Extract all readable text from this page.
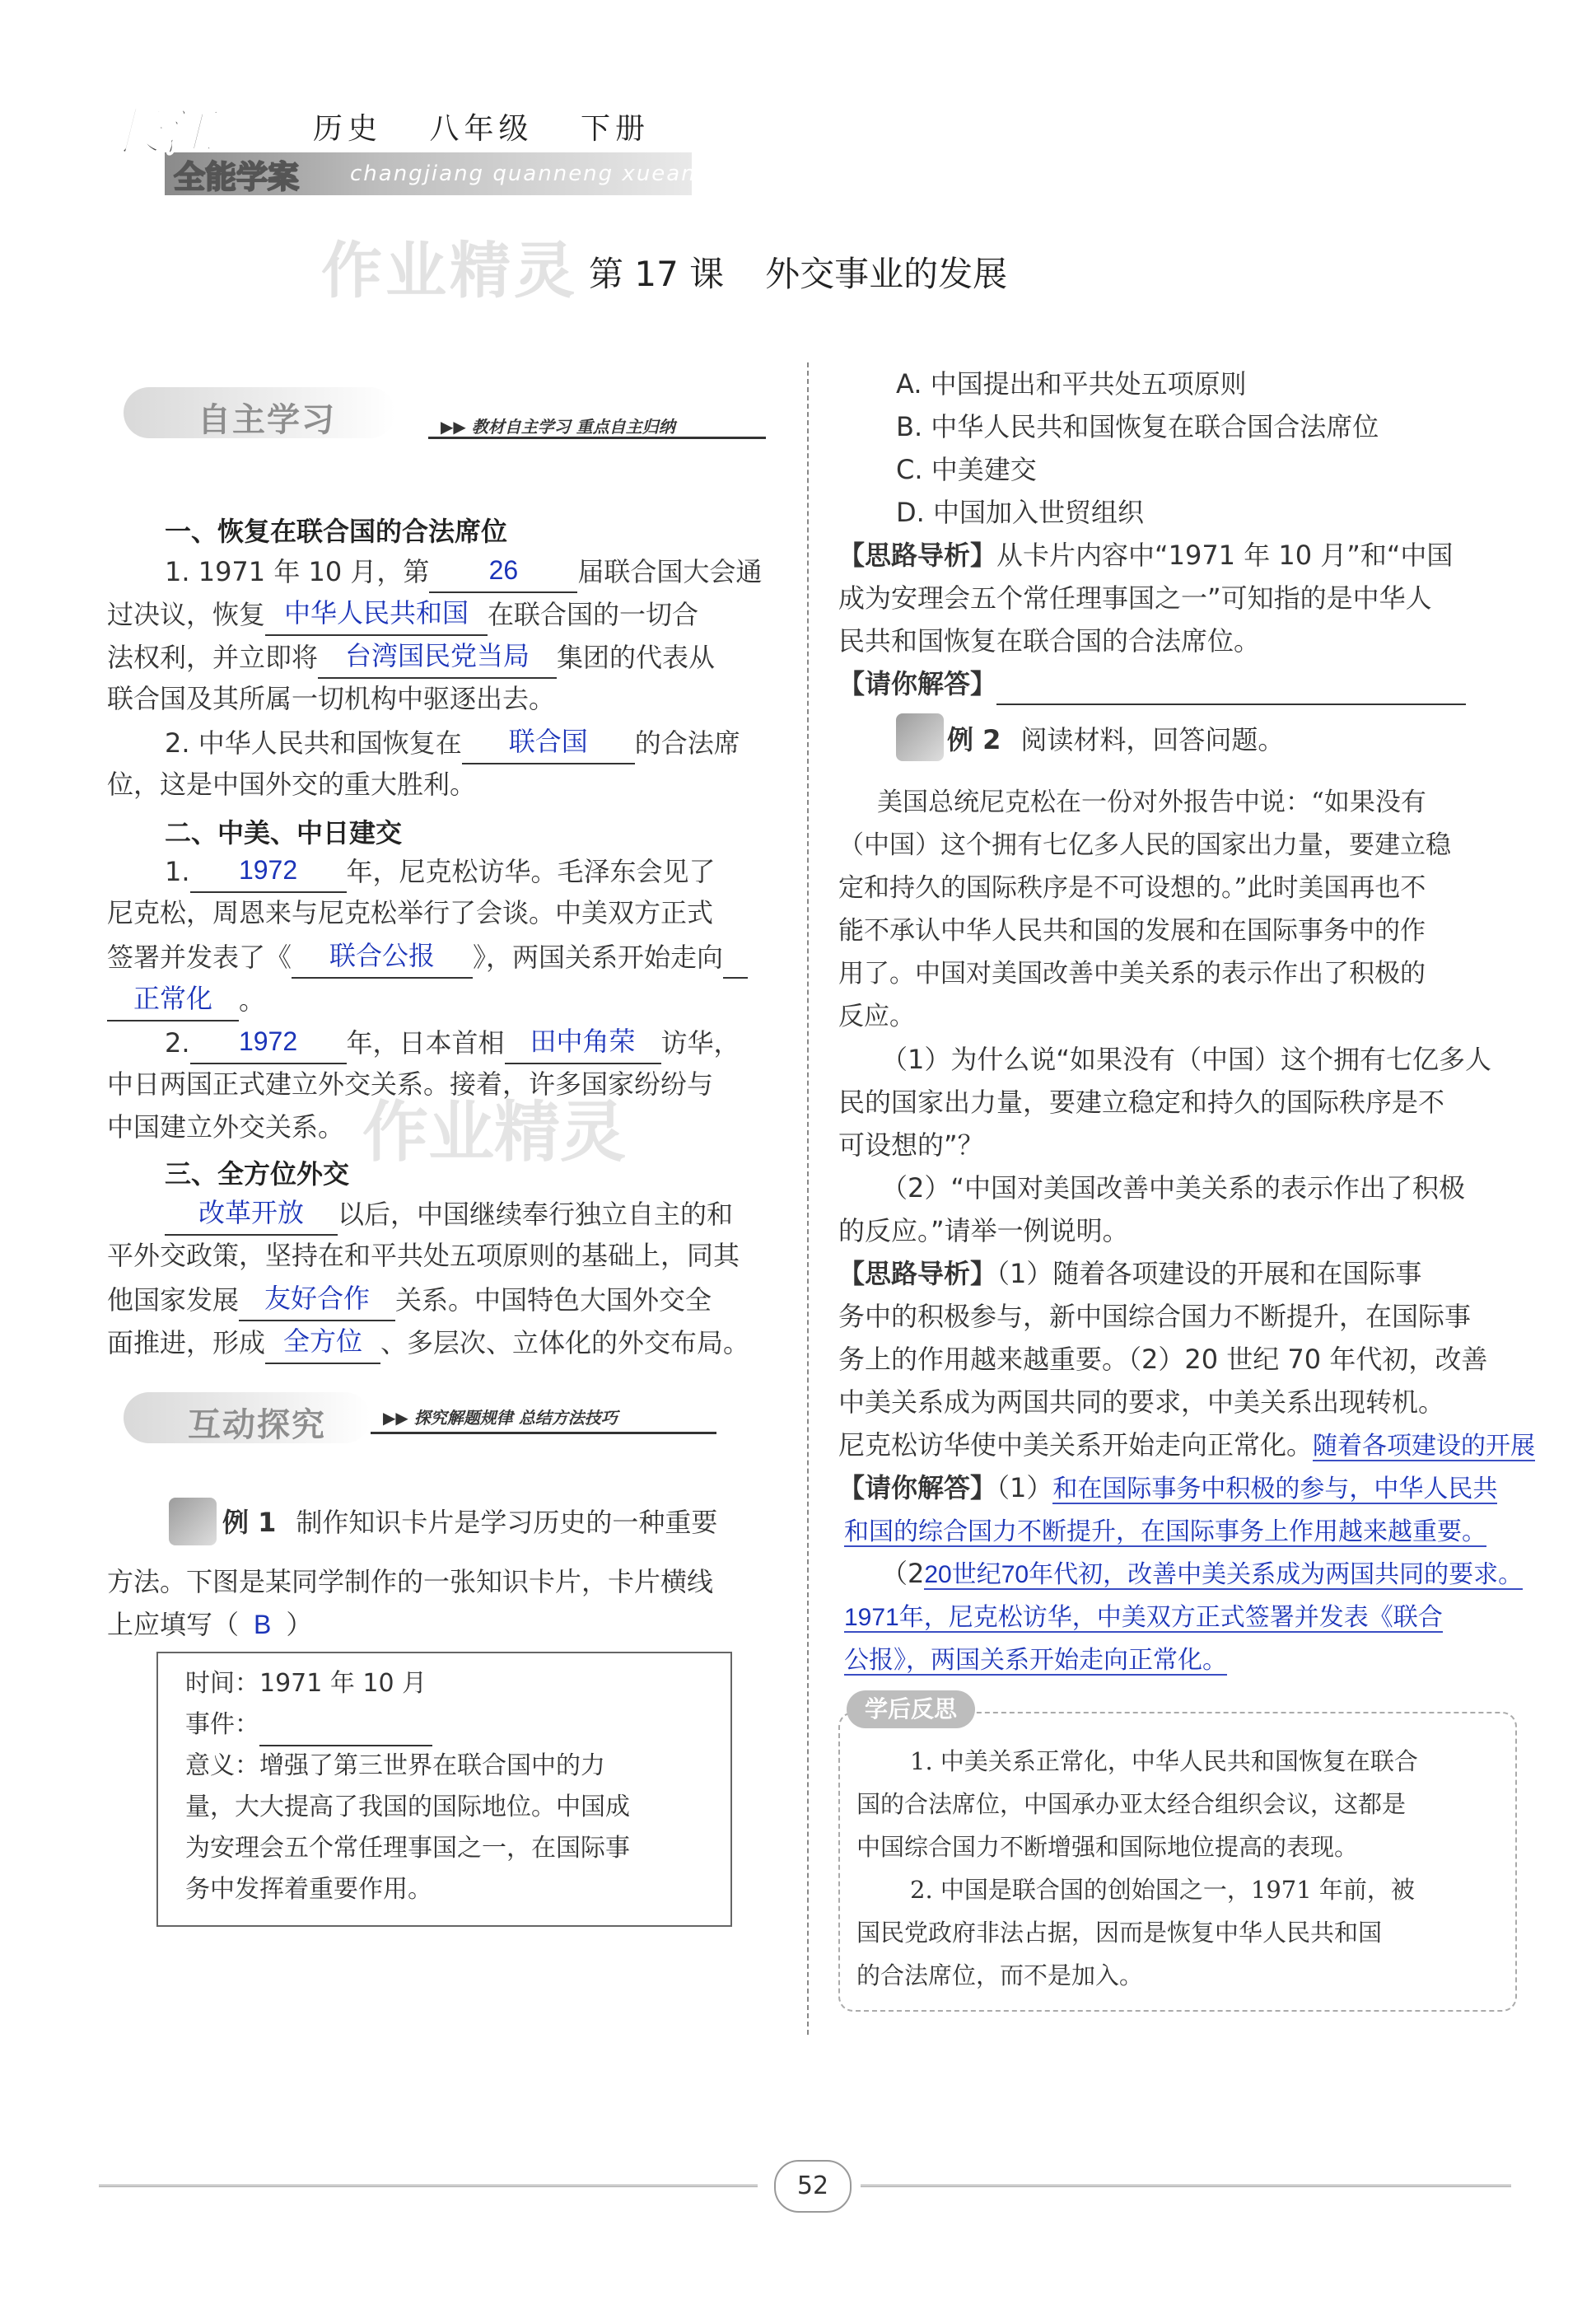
长江
全能学案
历史 八年级 下册
changjiang quanneng xuean
作业精灵 第 17 课 外交事业的发展
自主学习	▶▶ 教材自主学习 重点自主归纳
一、恢复在联合国的合法席位
1. 1971 年 10 月，第 26 届联合国大会通
过决议，恢复 中华人民共和国 在联合国的一切合
法权利，并立即将 台湾国民党当局 集团的代表从
联合国及其所属一切机构中驱逐出去。
2. 中华人民共和国恢复在 联合国 的合法席
位，这是中国外交的重大胜利。
二、中美、中日建交
1. 1972 年，尼克松访华。毛泽东会见了
尼克松，周恩来与尼克松举行了会谈。中美双方正式
签署并发表了《 联合公报 》，两国关系开始走向
正常化 。
2. 1972 年，日本首相 田中角荣 访华，
中日两国正式建立外交关系。接着，许多国家纷纷与
中国建立外交关系。 作业精灵
三、全方位外交
改革开放 以后，中国继续奉行独立自主的和
平外交政策，坚持在和平共处五项原则的基础上，同其
他国家发展 友好合作 关系。中国特色大国外交全
面推进，形成 全方位 、多层次、立体化的外交布局。
互动探究	▶▶ 探究解题规律 总结方法技巧
例 1 制作知识卡片是学习历史的一种重要
方法。下图是某同学制作的一张知识卡片，卡片横线
上应填写（ B ）
时间：1971 年 10 月
事件：
意义：增强了第三世界在联合国中的力
量，大大提高了我国的国际地位。中国成
为安理会五个常任理事国之一，在国际事
务中发挥着重要作用。
A. 中国提出和平共处五项原则
B. 中华人民共和国恢复在联合国合法席位
C. 中美建交
D. 中国加入世贸组织
【思路导析】从卡片内容中“1971 年 10 月”和“中国
成为安理会五个常任理事国之一”可知指的是中华人
民共和国恢复在联合国的合法席位。
【请你解答】
例 2 阅读材料，回答问题。
美国总统尼克松在一份对外报告中说：“如果没有
（中国）这个拥有七亿多人民的国家出力量，要建立稳
定和持久的国际秩序是不可设想的。”此时美国再也不
能不承认中华人民共和国的发展和在国际事务中的作
用了。中国对美国改善中美关系的表示作出了积极的
反应。
（1）为什么说“如果没有（中国）这个拥有七亿多人
民的国家出力量，要建立稳定和持久的国际秩序是不
可设想的”？
（2）“中国对美国改善中美关系的表示作出了积极
的反应。”请举一例说明。
【思路导析】（1）随着各项建设的开展和在国际事
务中的积极参与，新中国综合国力不断提升，在国际事
务上的作用越来越重要。（2）20 世纪 70 年代初，改善
中美关系成为两国共同的要求，中美关系出现转机。
尼克松访华使中美关系开始走向正常化。随着各项建设的开展
【请你解答】（1）和在国际事务中积极的参与，中华人民共
和国的综合国力不断提升，在国际事务上作用越来越重要。
（220世纪70年代初，改善中美关系成为两国共同的要求。
1971年，尼克松访华，中美双方正式签署并发表《联合
公报》，两国关系开始走向正常化。
学后反思
1. 中美关系正常化，中华人民共和国恢复在联合
国的合法席位，中国承办亚太经合组织会议，这都是
中国综合国力不断增强和国际地位提高的表现。
2. 中国是联合国的创始国之一，1971 年前，被
国民党政府非法占据，因而是恢复中华人民共和国
的合法席位，而不是加入。
52
